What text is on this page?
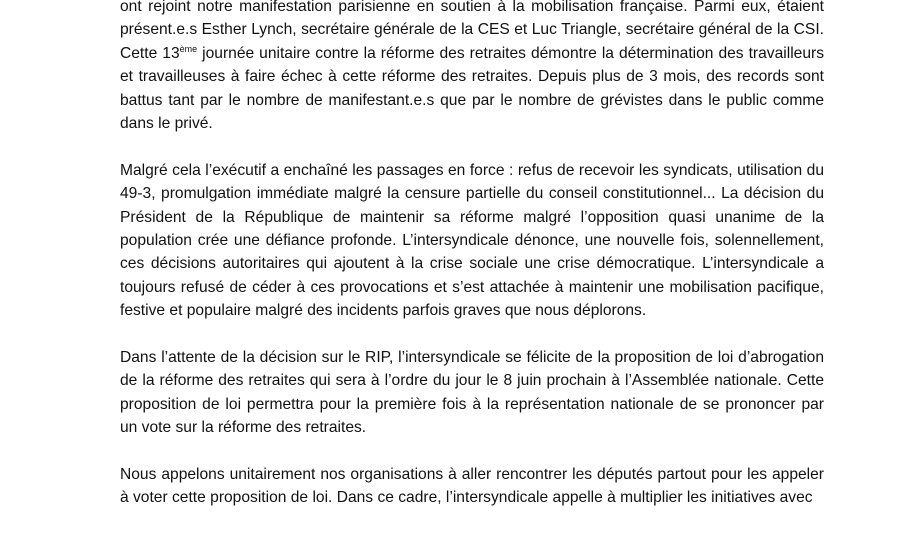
ont rejoint notre manifestation parisienne en soutien à la mobilisation française. Parmi eux, étaient
présent.e.s Esther Lynch, secrétaire générale de la CES et Luc Triangle, secrétaire général de la CSI.
Cette 13ème journée unitaire contre la réforme des retraites démontre la détermination des travailleurs
et travailleuses à faire échec à cette réforme des retraites. Depuis plus de 3 mois, des records sont
battus tant par le nombre de manifestant.e.s que par le nombre de grévistes dans le public comme
dans le privé.
Malgré cela l’exécutif a enchaîné les passages en force : refus de recevoir les syndicats, utilisation du
49-3, promulgation immédiate malgré la censure partielle du conseil constitutionnel... La décision du
Président de la République de maintenir sa réforme malgré l’opposition quasi unanime de la
population crée une défiance profonde. L’intersyndicale dénonce, une nouvelle fois, solennellement,
ces décisions autoritaires qui ajoutent à la crise sociale une crise démocratique. L’intersyndicale a
toujours refusé de céder à ces provocations et s’est attachée à maintenir une mobilisation pacifique,
festive et populaire malgré des incidents parfois graves que nous déplorons.
Dans l’attente de la décision sur le RIP, l’intersyndicale se félicite de la proposition de loi d’abrogation
de la réforme des retraites qui sera à l’ordre du jour le 8 juin prochain à l’Assemblée nationale. Cette
proposition de loi permettra pour la première fois à la représentation nationale de se prononcer par
un vote sur la réforme des retraites.
Nous appelons unitairement nos organisations à aller rencontrer les députés partout pour les appeler
à voter cette proposition de loi. Dans ce cadre, l’intersyndicale appelle à multiplier les initiatives avec
